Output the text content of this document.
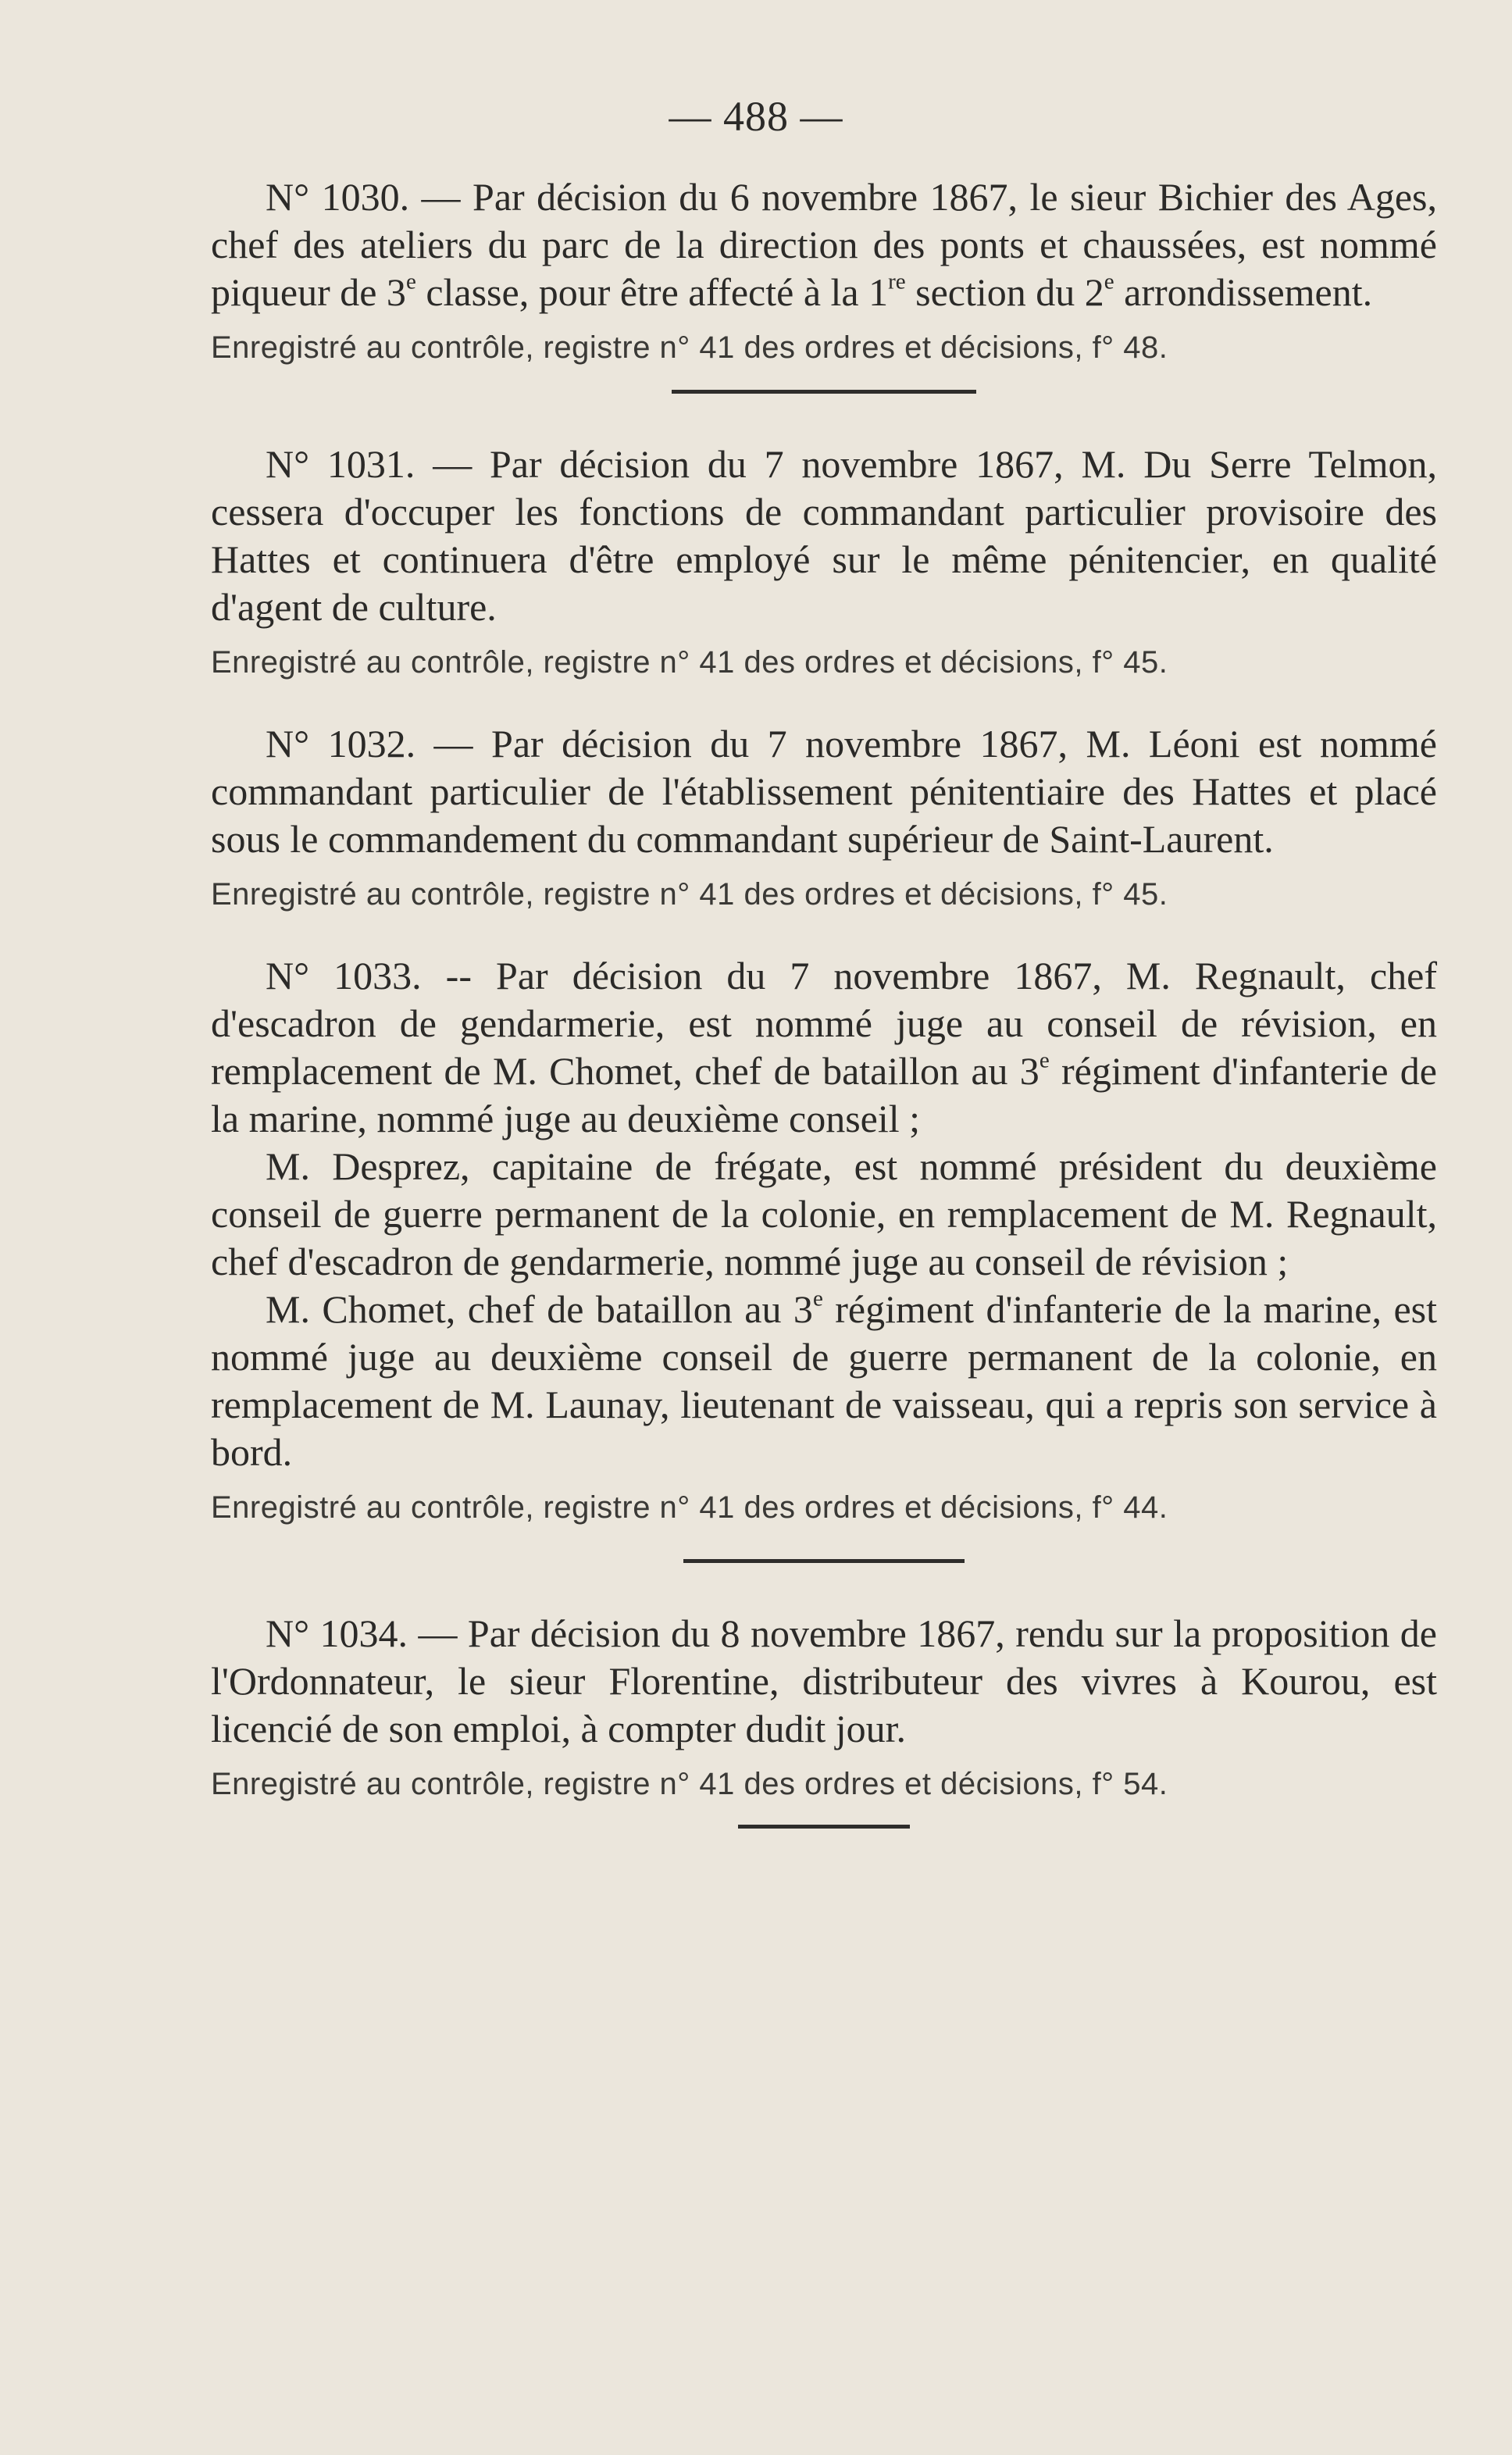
— 488 —

N° 1030. — Par décision du 6 novembre 1867, le sieur Bichier des Ages, chef des ateliers du parc de la direction des ponts et chaussées, est nommé piqueur de 3e classe, pour être affecté à la 1re section du 2e arrondissement.

Enregistré au contrôle, registre n° 41 des ordres et décisions, f° 48.

N° 1031. — Par décision du 7 novembre 1867, M. Du Serre Telmon, cessera d'occuper les fonctions de commandant particulier provisoire des Hattes et continuera d'être employé sur le même pénitencier, en qualité d'agent de culture.

Enregistré au contrôle, registre n° 41 des ordres et décisions, f° 45.

N° 1032. — Par décision du 7 novembre 1867, M. Léoni est nommé commandant particulier de l'établissement pénitentiaire des Hattes et placé sous le commandement du commandant supérieur de Saint-Laurent.

Enregistré au contrôle, registre n° 41 des ordres et décisions, f° 45.

N° 1033. -- Par décision du 7 novembre 1867, M. Regnault, chef d'escadron de gendarmerie, est nommé juge au conseil de révision, en remplacement de M. Chomet, chef de bataillon au 3e régiment d'infanterie de la marine, nommé juge au deuxième conseil ;

M. Desprez, capitaine de frégate, est nommé président du deuxième conseil de guerre permanent de la colonie, en remplacement de M. Regnault, chef d'escadron de gendarmerie, nommé juge au conseil de révision ;

M. Chomet, chef de bataillon au 3e régiment d'infanterie de la marine, est nommé juge au deuxième conseil de guerre permanent de la colonie, en remplacement de M. Launay, lieutenant de vaisseau, qui a repris son service à bord.

Enregistré au contrôle, registre n° 41 des ordres et décisions, f° 44.

N° 1034. — Par décision du 8 novembre 1867, rendu sur la proposition de l'Ordonnateur, le sieur Florentine, distributeur des vivres à Kourou, est licencié de son emploi, à compter dudit jour.

Enregistré au contrôle, registre n° 41 des ordres et décisions, f° 54.
